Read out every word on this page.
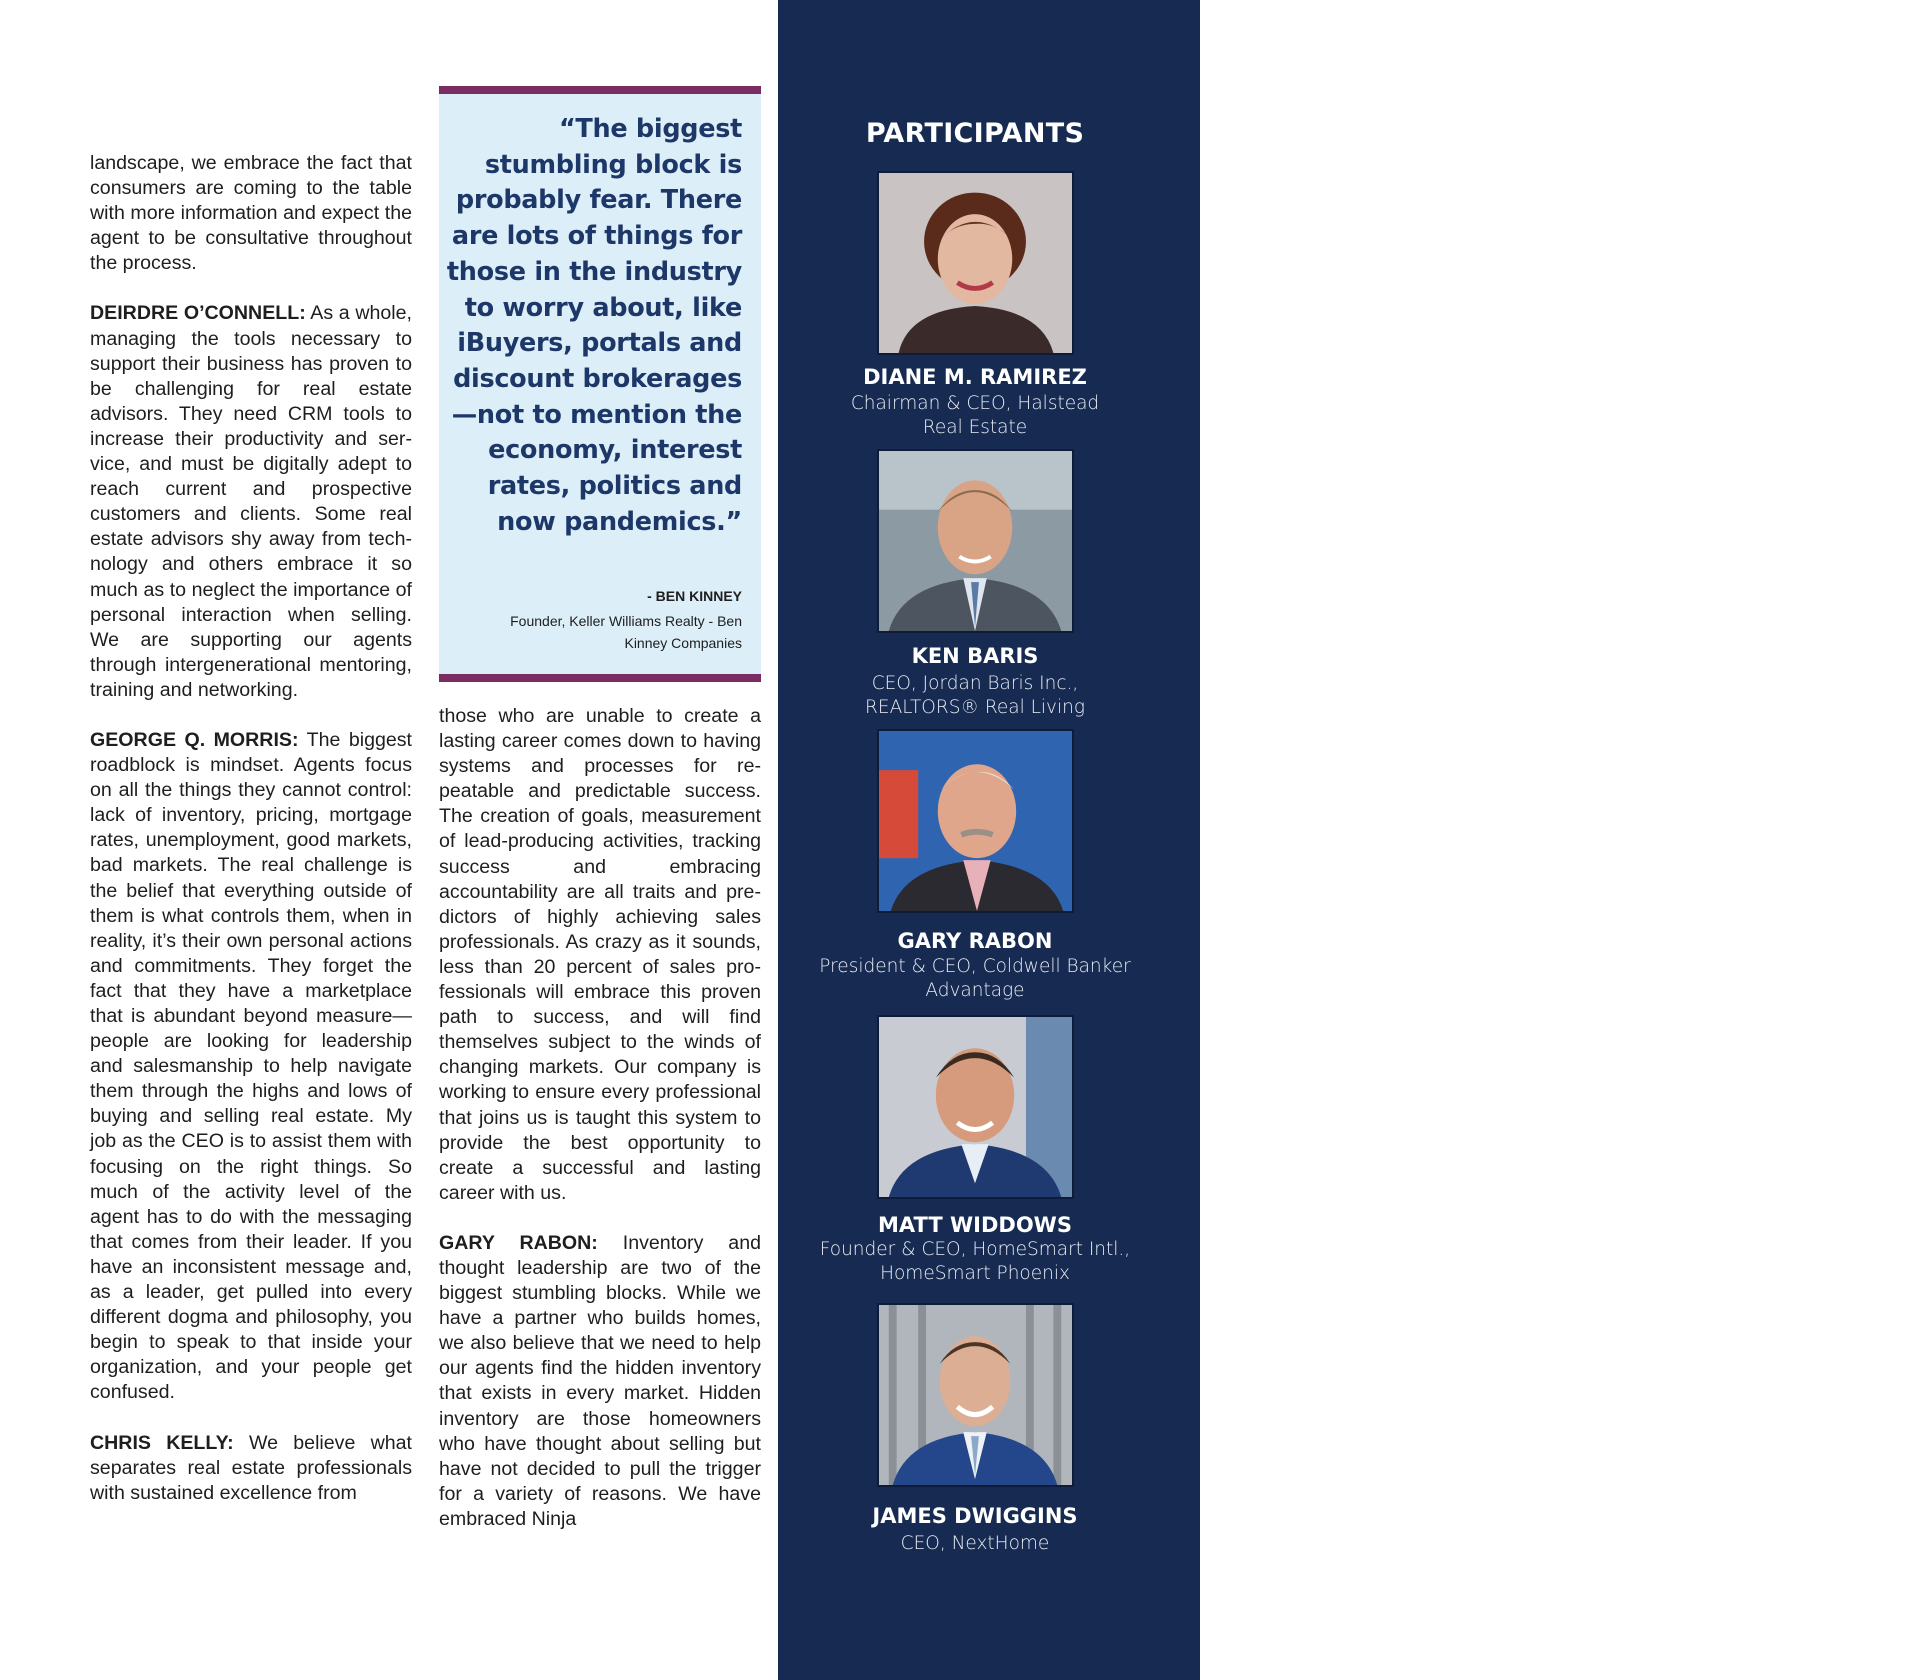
landscape, we embrace the fact that consumers are coming to the table with more information and expect the agent to be consultative throughout the process.

DEIRDRE O’CONNELL: As a whole, managing the tools necessary to support their business has proven to be challenging for real estate advisors. They need CRM tools to increase their productivity and service, and must be digitally adept to reach current and prospective customers and clients. Some real estate advisors shy away from technology and others embrace it so much as to neglect the importance of personal interaction when selling. We are supporting our agents through intergenerational mentoring, training and networking.

GEORGE Q. MORRIS: The biggest roadblock is mindset. Agents focus on all the things they cannot control: lack of inventory, pricing, mortgage rates, unemployment, good markets, bad markets. The real challenge is the belief that everything outside of them is what controls them, when in reality, it’s their own personal actions and commitments. They forget the fact that they have a marketplace that is abundant beyond measure—people are looking for leadership and salesmanship to help navigate them through the highs and lows of buying and selling real estate. My job as the CEO is to assist them with focusing on the right things. So much of the activity level of the agent has to do with the messaging that comes from their leader. If you have an inconsistent message and, as a leader, get pulled into every different dogma and philosophy, you begin to speak to that inside your organization, and your people get confused.

CHRIS KELLY: We believe what separates real estate professionals with sustained excellence from

“The biggest stumbling block is probably fear. There are lots of things for those in the industry to worry about, like iBuyers, portals and discount brokerages—not to mention the economy, interest rates, politics and now pandemics.”
- BEN KINNEY
Founder, Keller Williams Realty - Ben Kinney Companies

those who are unable to create a lasting career comes down to having systems and processes for repeatable and predictable success. The creation of goals, measurement of lead-producing activities, tracking success and embracing accountability are all traits and predictors of highly achieving sales professionals. As crazy as it sounds, less than 20 percent of sales professionals will embrace this proven path to success, and will find themselves subject to the winds of changing markets. Our company is working to ensure every professional that joins us is taught this system to provide the best opportunity to create a successful and lasting career with us.

GARY RABON: Inventory and thought leadership are two of the biggest stumbling blocks. While we have a partner who builds homes, we also believe that we need to help our agents find the hidden inventory that exists in every market. Hidden inventory are those homeowners who have thought about selling but have not decided to pull the trigger for a variety of reasons. We have embraced Ninja

PARTICIPANTS
DIANE M. RAMIREZ
Chairman & CEO, Halstead Real Estate
KEN BARIS
CEO, Jordan Baris Inc., REALTORS® Real Living
GARY RABON
President & CEO, Coldwell Banker Advantage
MATT WIDDOWS
Founder & CEO, HomeSmart Intl., HomeSmart Phoenix
JAMES DWIGGINS
CEO, NextHome
RISMedia’s REAL ESTATE April 2020 63
